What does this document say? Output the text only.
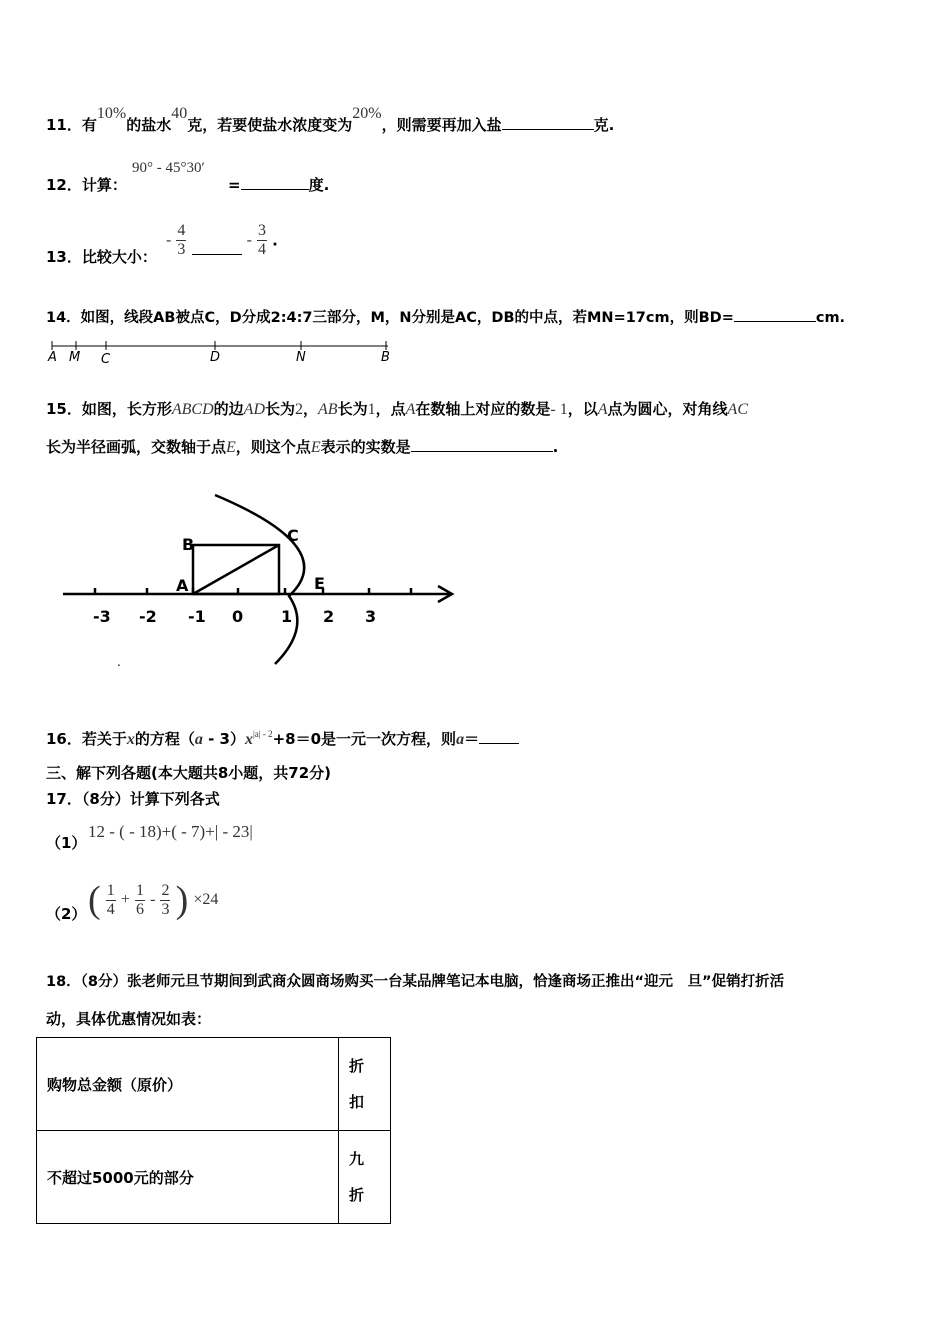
11．有10%的盐水40克，若要使盐水浓度变为20%，则需要再加入盐	克.
12．计算：
90° - 45°30′
=	度.
13．比较大小：
- $\frac{4}{3}$	- $\frac{3}{4}$ .
14．如图，线段AB被点C，D分成2:4:7三部分，M，N分别是AC，DB的中点，若MN=17cm，则BD=	cm.
A M C	D	N	B
15．如图，长方形ABCD的边AD长为2，AB长为1，点A在数轴上对应的数是- 1，以A点为圆心，对角线AC
长为半径画弧，交数轴于点E，则这个点E表示的实数是	.
B	C
A	E
-3 -2 -1 0 1 2 3
.
16．若关于x的方程$(a - 3)x^{|a| - 2}+8=0$是一元一次方程，则a＝
三、解下列各题(本大题共8小题，共72分)
17．（8分）计算下列各式
（1）
12 - ( - 18)+( - 7)+| - 23|
（2） ( $\frac{1}{4} + \frac{1}{6} - \frac{2}{3}$ ) ×24
18．（8分）张老师元旦节期间到武商众圆商场购买一台某品牌笔记本电脑，恰逢商场正推出“迎元　旦”促销打折活
动，具体优惠情况如表：
购物总金额（原价）	折
扣
不超过5000元的部分	九
折
